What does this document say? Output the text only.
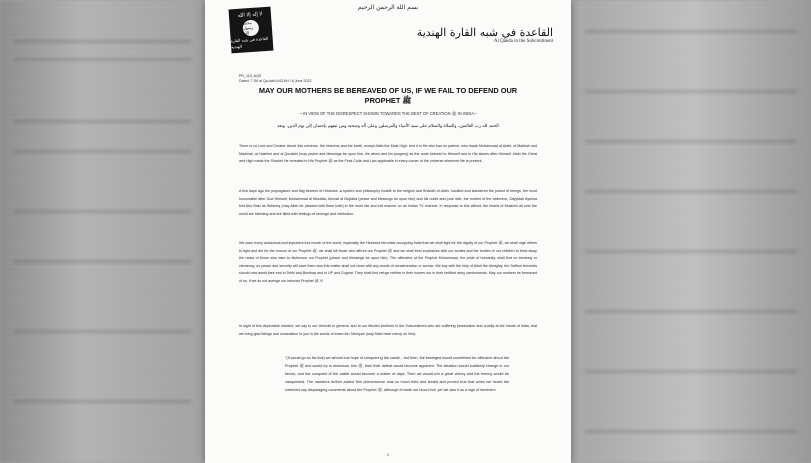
بسم الله الرحمن الرحيم
لا إله إلا الله
محمد رسول الله
القاعدة في شبه القارة الهندية
القاعدة في شبه القارة الهندية
Al Qaeda in the Subcontinent
PR_110_AQS
Dated: 7 Dū al Qa-dah1443 AH / 6 June 2022
MAY OUR MOTHERS BE BEREAVED OF US, IF WE FAIL TO DEFEND OUR PROPHET ﷺ
~ IN VIEW OF THE DISRESPECT SHOWN TOWARDS THE BEST OF CREATION ﷺ IN INDIA~
الحمد لله رب العالمين، والصلاة والسلام على سيد الأنبياء والمرسلين وعلى آله وصحبه ومن تبعهم بإحسان إلى يوم الدين، وبعد

There is no Lord and Creator above this universe, the heavens and the earth, except Allah the Most High. And it is He who has no partner, who made Muhammad al Arabi, of Makkah and Madinah, al Hashimi and al Quraishi (may peace and blessings be upon him, his wives and his progeny) as the most beloved to Himself and to His slaves after Himself. Allah the Great and High made the Shariah He revealed to His Prophet ﷺ as the Final Code and Law applicable in every corner of the universe wherever life is present.

A few days ago the propagators and flag bearers of Hindutva -a system and philosophy hostile to the religion and Shariah of Allah- insulted and slandered the purest of beings, the most honourable after God Himself, Muhammad al Mustafa, Ahmad al Mujtaba (peace and blessings be upon him) and his noble and pure wife, the mother of the believers, Sayyidah Ayesha bint Abu Bakr as Siddeeq (may Allah be pleased with them both) in the most vile and evil manner on an Indian TV channel. In response to this affront, the hearts of Muslims all over the world are bleeding and are filled with feelings of revenge and retribution.

We warn every audacious and impudent foul mouth of the world, especially the Hindutva terrorists occupying India that we shall fight for the dignity of our Prophet ﷺ, we shall urge others to fight and die for the honour of our Prophet ﷺ, we shall kill those who affront our Prophet ﷺ and we shall bind explosives with our bodies and the bodies of our children to blow away the ranks of those who dare to dishonour our Prophet (peace and blessings be upon him). The offenders of the Prophet Muhammad, the pride of humanity, shall find no amnesty or clemency; no peace and security will save them and this matter shall not close with any words of condemnation or sorrow. We say with the help of Allah the Almighty, the Saffron terrorists should now await their end in Delhi and Bombay and in UP and Gujarat. They shall find refuge neither in their homes nor in their fortified army cantonments. May our mothers be bereaved of us, if we do not avenge our beloved Prophet ﷺ !!!

In sight of this deplorable incident, we say to our Ummah in general, and to our Muslim brothers in the Subcontinent who are suffering persecution and cruelty at the hands of India, that we bring glad tidings and consolation to you in the words of Imam Ibn Taimiyah (may Allah have mercy on him):

"(It would go so far that) we almost lost hope of conquering the castle....but then, the besieged would sometimes be offensive about the Prophet ﷺ and would try to dishonour him ﷺ, then their defeat would become apparent. The situation would suddenly change in our favour, and the conquest of the castle would become a matter of days. Then we would win a great victory and the enemy would be vanquished. The narrators further added 'this phenomenon was so much tried and tested and proved true that when we heard the wretches say disparaging comments about the Prophet ﷺ, although it made our blood boil, yet we saw it as a sign of imminent

1
